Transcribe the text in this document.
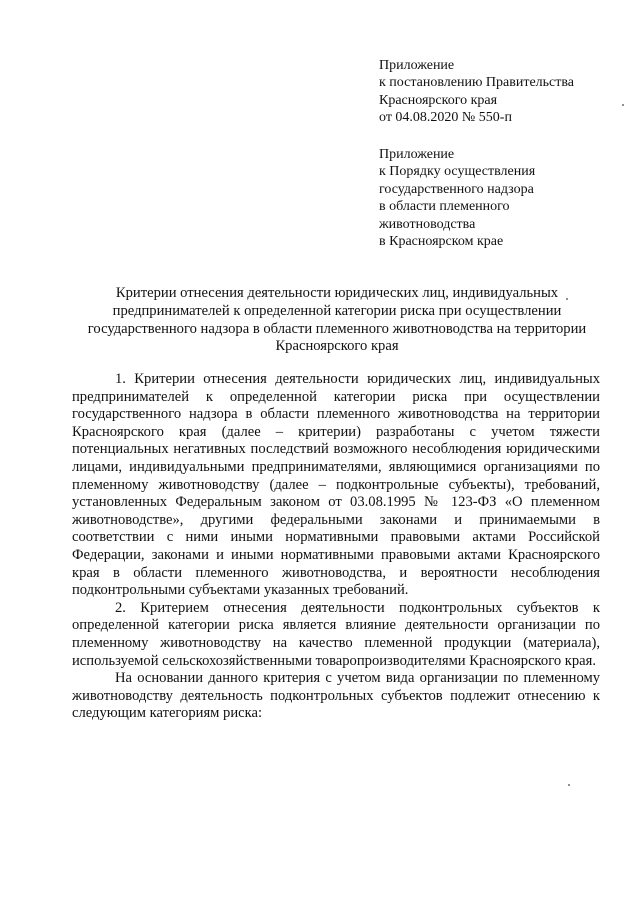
Приложение
к постановлению Правительства
Красноярского края
от 04.08.2020 № 550-п
Приложение
к Порядку осуществления
государственного надзора
в области племенного
животноводства
в Красноярском крае
Критерии отнесения деятельности юридических лиц, индивидуальных
предпринимателей к определенной категории риска при осуществлении
государственного надзора в области племенного животноводства на территории
Красноярского края

1. Критерии отнесения деятельности юридических лиц, индивидуальных предпринимателей к определенной категории риска при осуществлении государственного надзора в области племенного животноводства на территории Красноярского края (далее – критерии) разработаны с учетом тяжести потенциальных негативных последствий возможного несоблюдения юридическими лицами, индивидуальными предпринимателями, являющимися организациями по племенному животноводству (далее – подконтрольные субъекты), требований, установленных Федеральным законом от 03.08.1995 № 123-ФЗ «О племенном животноводстве», другими федеральными законами и принимаемыми в соответствии с ними иными нормативными правовыми актами Российской Федерации, законами и иными нормативными правовыми актами Красноярского края в области племенного животноводства, и вероятности несоблюдения подконтрольными субъектами указанных требований.

2. Критерием отнесения деятельности подконтрольных субъектов к определенной категории риска является влияние деятельности организации по племенному животноводству на качество племенной продукции (материала), используемой сельскохозяйственными товаропроизводителями Красноярского края.

На основании данного критерия с учетом вида организации по племенному животноводству деятельность подконтрольных субъектов подлежит отнесению к следующим категориям риска:
